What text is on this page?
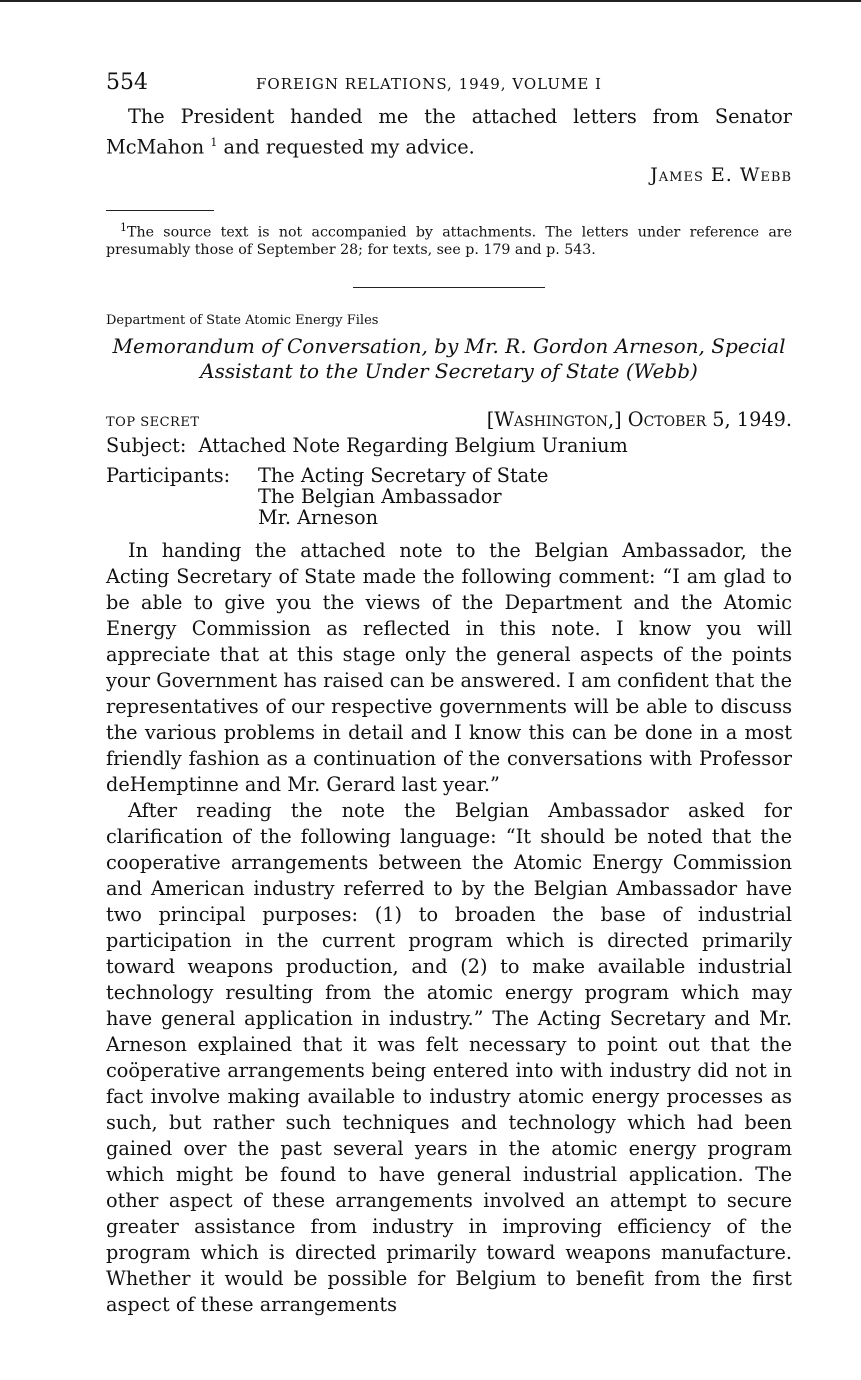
554	FOREIGN RELATIONS, 1949, VOLUME I

The President handed me the attached letters from Senator McMahon $^1$ and requested my advice.

James E. Webb
$^1$The source text is not accompanied by attachments. The letters under reference are presumably those of September 28; for texts, see p. 179 and p. 543.
Department of State Atomic Energy Files
Memorandum of Conversation, by Mr. R. Gordon Arneson, Special
Assistant to the Under Secretary of State (Webb)
TOP SECRET	[Washington,] October 5, 1949.
Subject: Attached Note Regarding Belgium Uranium
Participants:	The Acting Secretary of State
The Belgian Ambassador
Mr. Arneson

In handing the attached note to the Belgian Ambassador, the Acting Secretary of State made the following comment: “I am glad to be able to give you the views of the Department and the Atomic Energy Commission as reflected in this note. I know you will appreciate that at this stage only the general aspects of the points your Government has raised can be answered. I am confident that the representatives of our respective governments will be able to discuss the various problems in detail and I know this can be done in a most friendly fashion as a continuation of the conversations with Professor deHemptinne and Mr. Gerard last year.”

After reading the note the Belgian Ambassador asked for clarification of the following language: “It should be noted that the cooperative arrangements between the Atomic Energy Commission and American industry referred to by the Belgian Ambassador have two principal purposes: (1) to broaden the base of industrial participation in the current program which is directed primarily toward weapons production, and (2) to make available industrial technology resulting from the atomic energy program which may have general application in industry.” The Acting Secretary and Mr. Arneson explained that it was felt necessary to point out that the coöperative arrangements being entered into with industry did not in fact involve making available to industry atomic energy processes as such, but rather such techniques and technology which had been gained over the past several years in the atomic energy program which might be found to have general industrial application. The other aspect of these arrangements involved an attempt to secure greater assistance from industry in improving efficiency of the program which is directed primarily toward weapons manufacture. Whether it would be possible for Belgium to benefit from the first aspect of these arrangements
